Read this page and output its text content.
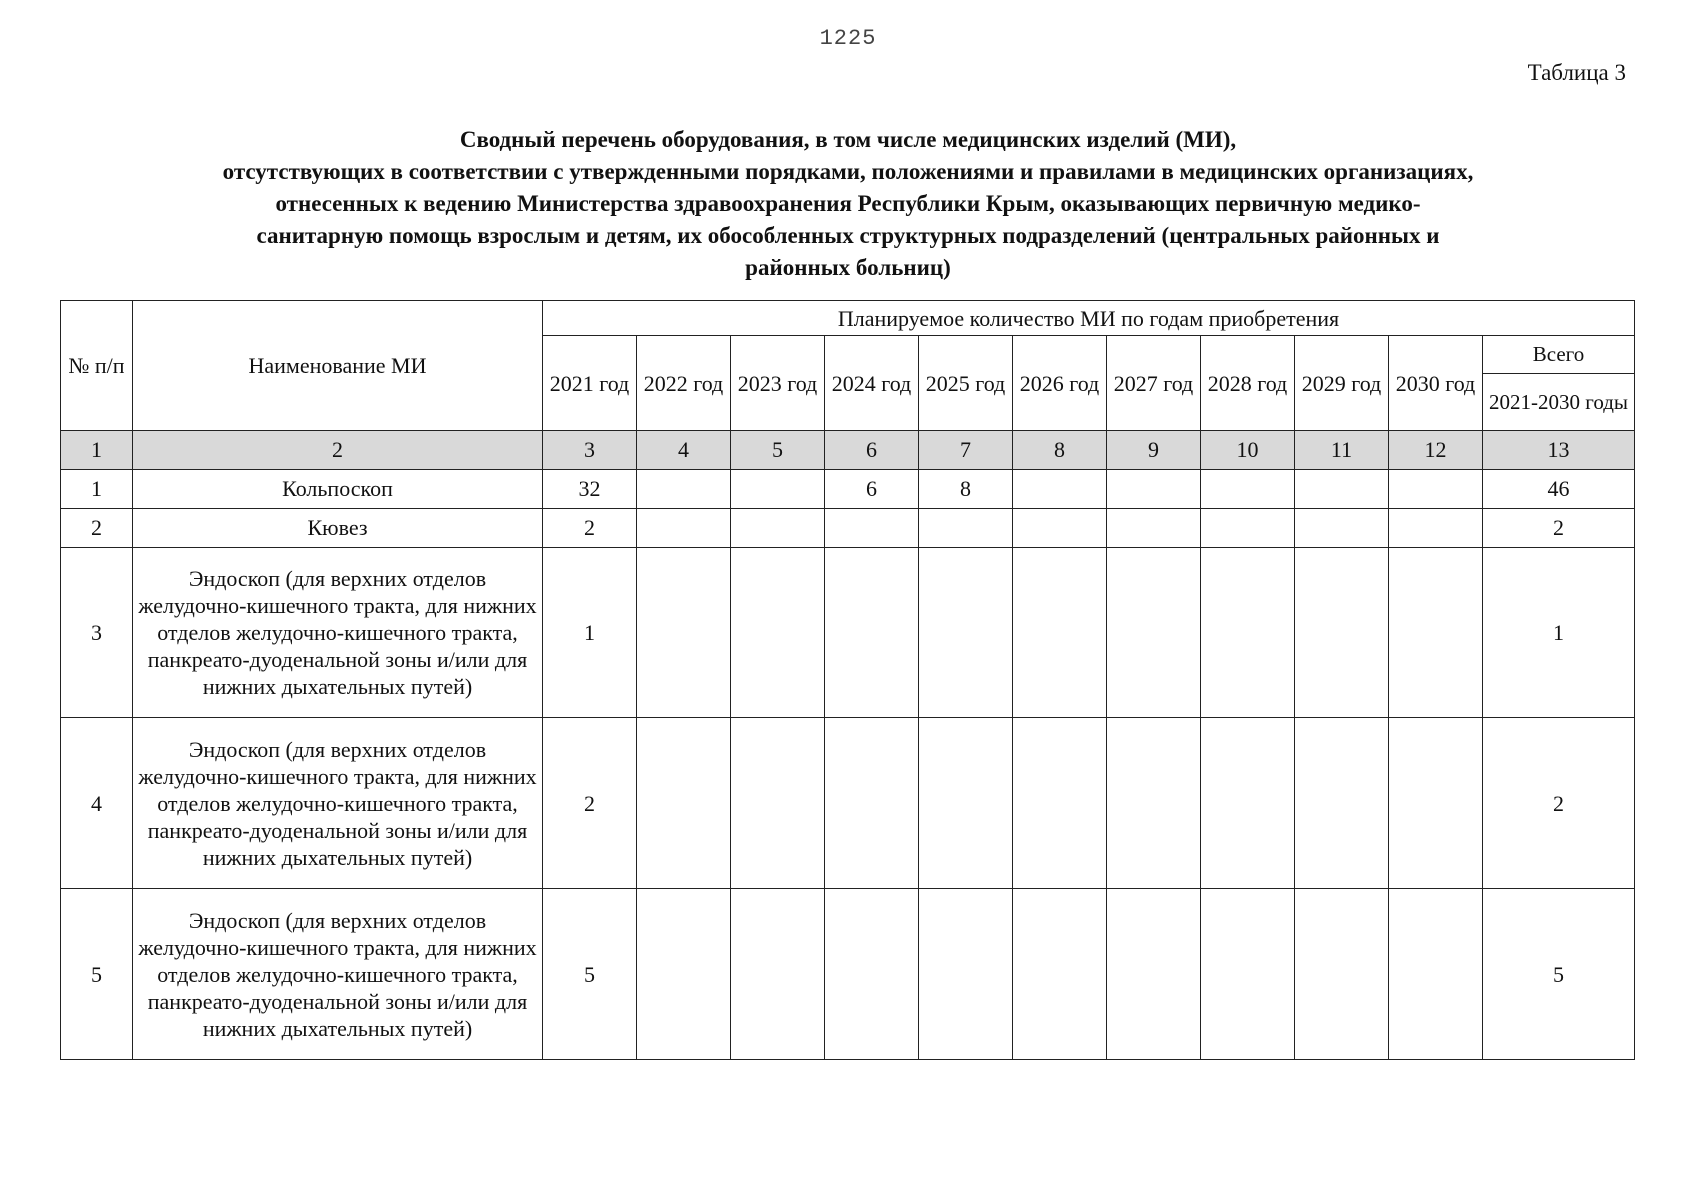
1225
Таблица 3
Сводный перечень оборудования, в том числе медицинских изделий (МИ),
отсутствующих в соответствии с утвержденными порядками, положениями и правилами в медицинских организациях,
отнесенных к ведению Министерства здравоохранения Республики Крым, оказывающих первичную медико-
санитарную помощь взрослым и детям, их обособленных структурных подразделений (центральных районных и
районных больниц)
№ п/п	Наименование МИ	Планируемое количество МИ по годам приобретения										
		2021 год	2022 год	2023 год	2024 год	2025 год	2026 год	2027 год	2028 год	2029 год	2030 год	Всего
												2021-2030 годы
1	2	3	4	5	6	7	8	9	10	11	12	13
1	Кольпоскоп	32			6	8						46
2	Кювез	2										2
3	Эндоскоп (для верхних отделов желудочно-кишечного тракта, для нижних отделов желудочно-кишечного тракта, панкреато-дуоденальной зоны и/или для нижних дыхательных путей)	1										1
4	Эндоскоп (для верхних отделов желудочно-кишечного тракта, для нижних отделов желудочно-кишечного тракта, панкреато-дуоденальной зоны и/или для нижних дыхательных путей)	2										2
5	Эндоскоп (для верхних отделов желудочно-кишечного тракта, для нижних отделов желудочно-кишечного тракта, панкреато-дуоденальной зоны и/или для нижних дыхательных путей)	5										5
